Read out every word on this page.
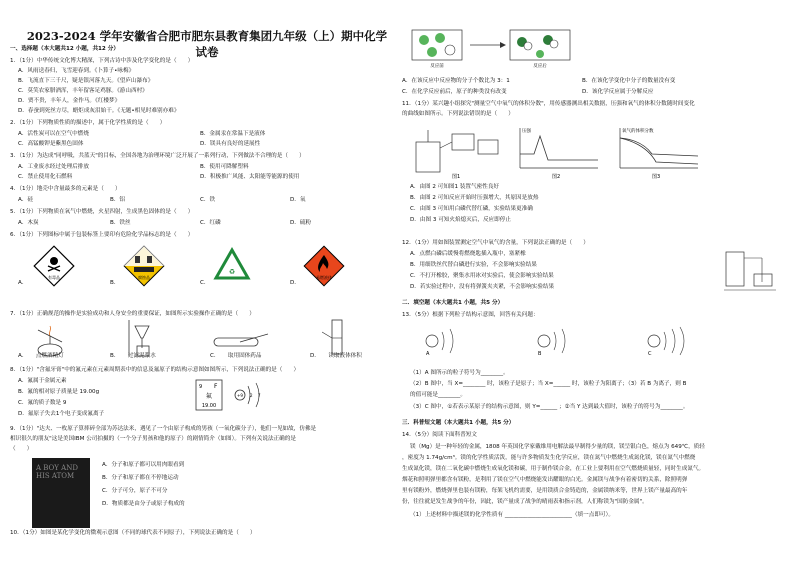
2023-2024 学年安徽省合肥市肥东县教育集团九年级（上）期中化学试卷
一、选择题（本大题共12 小题，共12 分）
1．（1分）中华传统文化博大精深，下列古诗中涉及化学变化的是（　　）
A．风雨送春归，飞雪迎春到。《卜算子•咏梅》
B．飞流直下三千尺，疑是银河落九天。《望庐山瀑布》
C．莫笑农家腊酒浑，丰年留客足鸡豚。《游山西村》
D．贾不贵，丰年人，金作马。《红楼梦》
D．春蚕到死丝方尽，蜡炬成灰泪始干。《无题•相见时难别亦难》
2．（1分）下列物质性质的描述中，属于化学性质的是（　　）
A．活性炭可以在空气中燃烧	B．金属汞在常温下是液体
C．高锰酸钾是紫黑色固体	D．镁具有良好的延展性
3．（1分）为达成"同呼吸，共蓝天"的目标，全国各地为治理环境广泛开展了一系列行动，下列做法不合理的是（　　）
A．工业废水经过处理后排放	B．使用可降解塑料
C．禁止使用化石燃料	D．积极推广风能、太阳能等能源的使用
4．（1分）地壳中含量最多的元素是（　　）
A．硅	B．铝	C．铁	D．氧
5．（1分）下列物质在氧气中燃烧，火星四射，生成黑色固体的是（　　）
A．木炭	B．铁丝	C．红磷	D．硫粉
6．（1分）下列图标中属于包装标签上要印有危险化学品标志的是（　　）
A．
有毒品
B．
腐蚀品
C．
♻
D．
易燃液体
7．（1分）正确规范的操作是实验成功和人身安全的重要保证，如图所示实验操作正确的是（　　）
A．　　点燃酒精灯	B．　　过滤泥浆水	C．　　取用固体药品	D．　　读取液体体积
8．（1分）"含氟牙膏"中的氟元素在元素周期表中的信息及氟原子的结构示意图如图所示，下列说法正确的是（　　）
A．氟属于金属元素
B．氟的相对原子质量是 19.00g
C．氟的质子数是 9
D．氟原子失去1个电子变成氟离子
9 F
氟
19.00
+9 2 7
9．（1分）"达夫、一枚原子算摔碎全部为苏达法米，遇见了一个由原子构成的男孩（一氧化碳分子），他们一见如故，仿佛是
相识很久的朋友"这是美国IBM 公司拍摄的（一个分子男孩和他的原子）的剧情简介（如图）。下列有关说法正确的是
（　　）
A BOY AND HIS ATOM
A．分子和原子都可以用肉眼看到
B．分子和原子都在不停地运动
C．分子可分，原子不可分
D．物质都是由分子或原子构成的
10．（1分）如图是某化学变化的微观示意图（不同的球代表不同原子），下列说法正确的是（　　）
反应前	反应后
A．在该反应中反应物的分子个数比为 3：1	B．在该化学变化中分子的数量没有变
C．在化学反应前后，原子的种类没有改变	D．该化学反应属于分解反应
11．（1分）某兴趣小组探究"测量空气中氧气的体积分数"，用传感器测出相关数据，压强和氧气的体积分数随时间变化
的曲线如图所示。下列说法错误的是（　　）
图1
压强
图2
氧气的体积分数
图3
A．由图 2 可知图1 装置气密性良好
B．由图 2 可知反应开始时压强增大，其原因是放热
C．由图 3 可知用白磷代替红磷，实验结果更准确
D．由图 3 可知火焰熄灭后，反应即停止
12．（1分）用如图装置测定空气中氧气的含量，下列说法正确的是（　　）
A．点燃白磷后缓慢将燃烧匙插入瓶中，塞紧橡
B．用细铁丝代替白磷进行实验，不会影响实验结果
C．不打开橡胶，聚集水用冰对实验后，使会影响实验结果
D．若实验过程中，没有将弹簧夹夹紧，不会影响实验结果
二．填空题（本大题共1 小题，共5 分）
13．（5分）根据下列粒子结构示意图，回答有关问题：
A	B	C
（1）A 图所示的粒子符号为________。
（2）B 图中，当 X=________ 时，该粒子是原子；当 X=______ 时，该粒子为阳离子；（3）若 B 为离子，则 B
的值可能是________。
（3）C 图中，①若表示某原子的结构示意图，则 Y=______ ；②当 Y 达到最大值时，该粒子的符号为________。
三．科普短文题（本大题共1 小题，共5 分）
14．（5分）阅读下面科普短文
镁（Mg）是一种年轻的金属，1808 年英国化学家戴维用电解法最早制得少量的镁，镁呈银白色，熔点为 649℃，质轻
，密度为 1.74g/cm³。镁的化学性质活泼，能与许多物质发生化学反应，镁在氮气中燃烧生成氮化镁，镁在氮气中燃烧
生成氮化镁，镁在二氧化碳中燃烧生成氧化镁和碳，用于制作镁合金，在工业上要利用在空气燃烧质量轻，同时生成氮气。
烟花和照明弹里都含有镁粉，是利用了镁在空气中燃烧能发出耀眼的白光。金属镁与战争有着密切的关系，除照明弹
里有镁粉外，燃烧弹里也装有镁粉，每架飞机约需要，是用镁质合金铸造的，金属镁纳米等，世界上镁产量最高的年
份，往往就是发生战争的年份，因此，镁产量成了战争的晴雨表和指示剂，人们称镁为"国防金属"。
（1）上述材料中描述镁的化学性质有 ________________________（填一点即可）。
